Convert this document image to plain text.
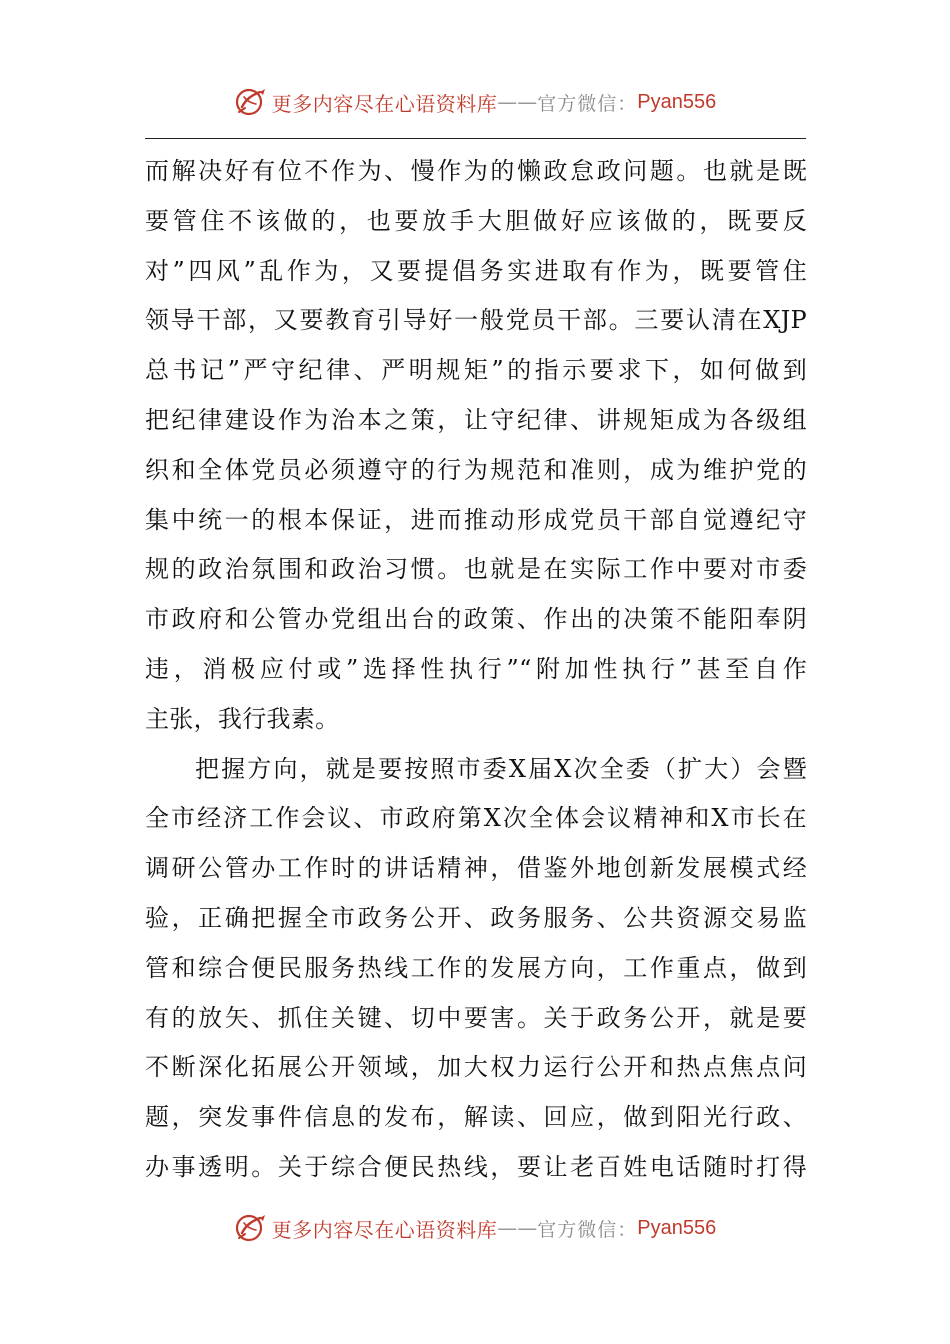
更多内容尽在心语资料库 —— 官方微信： Pyan556
而解决好有位不作为、慢作为的懒政怠政问题。也就是既
要管住不该做的，也要放手大胆做好应该做的，既要反
对”四风”乱作为，又要提倡务实进取有作为，既要管住
领导干部，又要教育引导好一般党员干部。三要认清在XJP
总书记”严守纪律、严明规矩”的指示要求下，如何做到
把纪律建设作为治本之策，让守纪律、讲规矩成为各级组
织和全体党员必须遵守的行为规范和准则，成为维护党的
集中统一的根本保证，进而推动形成党员干部自觉遵纪守
规的政治氛围和政治习惯。也就是在实际工作中要对市委
市政府和公管办党组出台的政策、作出的决策不能阳奉阴
违，消极应付或”选择性执行”“附加性执行”甚至自作
主张，我行我素。
把握方向，就是要按照市委X届X次全委（扩大）会暨
全市经济工作会议、市政府第X次全体会议精神和X市长在
调研公管办工作时的讲话精神，借鉴外地创新发展模式经
验，正确把握全市政务公开、政务服务、公共资源交易监
管和综合便民服务热线工作的发展方向，工作重点，做到
有的放矢、抓住关键、切中要害。关于政务公开，就是要
不断深化拓展公开领域，加大权力运行公开和热点焦点问
题，突发事件信息的发布，解读、回应，做到阳光行政、
办事透明。关于综合便民热线，要让老百姓电话随时打得
更多内容尽在心语资料库 —— 官方微信： Pyan556
